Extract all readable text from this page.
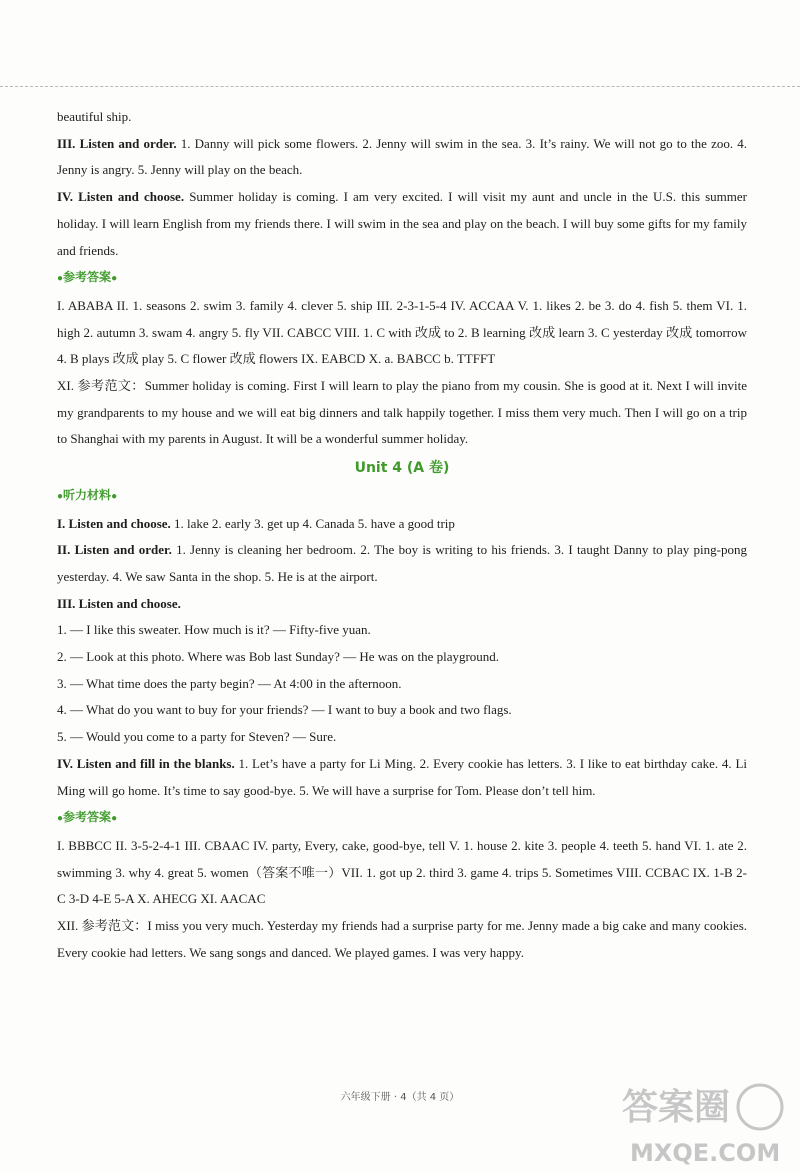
beautiful ship.

III. Listen and order. 1. Danny will pick some flowers. 2. Jenny will swim in the sea. 3. It’s rainy. We will not go to the zoo. 4. Jenny is angry. 5. Jenny will play on the beach.

IV. Listen and choose. Summer holiday is coming. I am very excited. I will visit my aunt and uncle in the U.S. this summer holiday. I will learn English from my friends there. I will swim in the sea and play on the beach. I will buy some gifts for my family and friends.

●参考答案●

I. ABABA II. 1. seasons 2. swim 3. family 4. clever 5. ship III. 2-3-1-5-4 IV. ACCAA V. 1. likes 2. be 3. do 4. fish 5. them VI. 1. high 2. autumn 3. swam 4. angry 5. fly VII. CABCC VIII. 1. C with 改成 to 2. B learning 改成 learn 3. C yesterday 改成 tomorrow 4. B plays 改成 play 5. C flower 改成 flowers IX. EABCD X. a. BABCC b. TTFFT

XI. 参考范文：Summer holiday is coming. First I will learn to play the piano from my cousin. She is good at it. Next I will invite my grandparents to my house and we will eat big dinners and talk happily together. I miss them very much. Then I will go on a trip to Shanghai with my parents in August. It will be a wonderful summer holiday.

Unit 4 (A 卷)

●听力材料●

I. Listen and choose. 1. lake 2. early 3. get up 4. Canada 5. have a good trip

II. Listen and order. 1. Jenny is cleaning her bedroom. 2. The boy is writing to his friends. 3. I taught Danny to play ping-pong yesterday. 4. We saw Santa in the shop. 5. He is at the airport.

III. Listen and choose.

1. — I like this sweater. How much is it? — Fifty-five yuan.

2. — Look at this photo. Where was Bob last Sunday? — He was on the playground.

3. — What time does the party begin? — At 4:00 in the afternoon.

4. — What do you want to buy for your friends? — I want to buy a book and two flags.

5. — Would you come to a party for Steven? — Sure.

IV. Listen and fill in the blanks. 1. Let’s have a party for Li Ming. 2. Every cookie has letters. 3. I like to eat birthday cake. 4. Li Ming will go home. It’s time to say good-bye. 5. We will have a surprise for Tom. Please don’t tell him.

●参考答案●

I. BBBCC II. 3-5-2-4-1 III. CBAAC IV. party, Every, cake, good-bye, tell V. 1. house 2. kite 3. people 4. teeth 5. hand VI. 1. ate 2. swimming 3. why 4. great 5. women（答案不唯一）VII. 1. got up 2. third 3. game 4. trips 5. Sometimes VIII. CCBAC IX. 1-B 2-C 3-D 4-E 5-A X. AHECG XI. AACAC

XII. 参考范文：I miss you very much. Yesterday my friends had a surprise party for me. Jenny made a big cake and many cookies. Every cookie had letters. We sang songs and danced. We played games. I was very happy.

六年级下册 · 4（共 4 页）	答案圈
MXQE.COM
